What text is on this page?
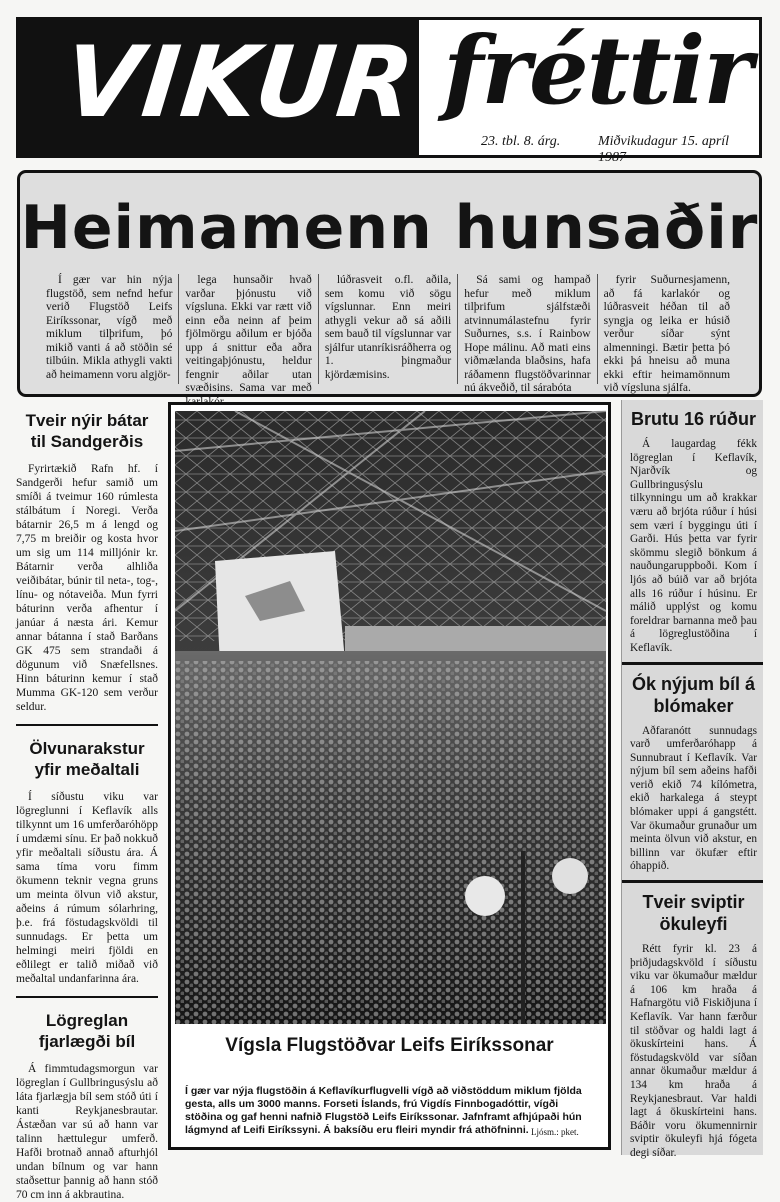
VIKUR fréttir
23. tbl. 8. árg.	Miðvikudagur 15. apríl 1987
Heimamenn hunsaðir

Í gær var hin nýja flugstöð, sem nefnd hefur verið Flugstöð Leifs Eiríkssonar, vígð með miklum tilþrifum, þó mikið vanti á að stöðin sé tilbúin. Mikla athygli vakti að heimamenn voru algjör-

lega hunsaðir hvað varðar þjónustu við vígsluna. Ekki var rætt við einn eða neinn af þeim fjölmörgu aðilum er bjóða upp á snittur eða aðra veitingaþjónustu, heldur fengnir aðilar utan svæðisins. Sama var með

lúðrasveit o.fl. aðila, sem komu við sögu vígslunnar. Enn meiri athygli vekur að sá aðili sem bauð til vígslunnar var sjálfur utanríkisráðherra og 1. þingmaður kjördæmisins.

Sá sami og hampað hefur með miklum tilþrifum sjálfstæði atvinnumálastefnu fyrir Suðurnes, s.s. í Rainbow Hope málinu. Að mati eins viðmælanda blaðsins, hafa ráðamenn flugstöðvarinnar nú ákveðið, til sárabóta

fyrir Suðurnesjamenn, að fá karlakór og lúðrasveit héðan til að syngja og leika er húsið verður síðar sýnt almenningi. Bætir þetta þó ekki þá hneisu að muna ekki eftir heimamönnum við vígsluna sjálfa.

Tveir nýir bátar til Sandgerðis

Fyrirtækið Rafn hf. í Sandgerði hefur samið um smíði á tveimur 160 rúmlesta stálbátum í Noregi. Verða bátarnir 26,5 m á lengd og 7,75 m breiðir og kosta hvor um sig um 114 milljónir kr. Bátarnir verða alhliða veiðibátar, búnir til neta-, tog-, línu- og nótaveiða. Mun fyrri báturinn verða afhentur í janúar á næsta ári. Kemur annar bátanna í stað Barðans GK 475 sem strandaði á dögunum við Snæfellsnes. Hinn báturinn kemur í stað Mumma GK-120 sem verður seldur.

Ölvunarakstur yfir meðaltali

Í síðustu viku var lögreglunni í Keflavík alls tilkynnt um 16 umferðaróhöpp í umdæmi sínu. Er það nokkuð yfir meðaltali síðustu ára. Á sama tíma voru fimm ökumenn teknir vegna gruns um meinta ölvun við akstur, aðeins á rúmum sólarhring, þ.e. frá föstudagskvöldi til sunnudags. Er þetta um helmingi meiri fjöldi en eðlilegt er talið miðað við meðaltal undanfarinna ára.

Lögreglan fjarlægði bíl

Á fimmtudagsmorgun var lögreglan í Gullbringusýslu að láta fjarlægja bíl sem stóð úti í kanti Reykjanesbrautar. Ástæðan var sú að hann var talinn hættulegur umferð. Hafði brotnað annað afturhjól undan bílnum og var hann staðsettur þannig að hann stóð 70 cm inn á akbrautina.

Vígsla Flugstöðvar Leifs Eiríkssonar
Í gær var nýja flugstöðin á Keflavíkurflugvelli vígð að viðstöddum miklum fjölda gesta, alls um 3000 manns. Forseti Íslands, frú Vigdís Finnbogadóttir, vígði stöðina og gaf henni nafnið Flugstöð Leifs Eiríkssonar. Jafnframt afhjúpaði hún lágmynd af Leifi Eiríkssyni. Á baksíðu eru fleiri myndir frá athöfninni. Ljósm.: pket.
Brutu 16 rúður

Á laugardag fékk lögreglan í Keflavík, Njarðvík og Gullbringusýslu tilkynningu um að krakkar væru að brjóta rúður í húsi sem væri í byggingu úti í Garði. Hús þetta var fyrir skömmu slegið bönkum á nauðungaruppboði. Kom í ljós að búið var að brjóta alls 16 rúður í húsinu. Er málið upplýst og komu foreldrar barnanna með þau á lögreglustöðina í Keflavík.

Ók nýjum bíl á blómaker

Aðfaranótt sunnudags varð umferðaróhapp á Sunnubraut í Keflavík. Var nýjum bíl sem aðeins hafði verið ekið 74 kílómetra, ekið harkalega á steypt blómaker uppi á gangstétt. Var ökumaður grunaður um meinta ölvun við akstur, en billinn var ökufær eftir óhappið.

Tveir sviptir ökuleyfi

Rétt fyrir kl. 23 á þriðjudagskvöld í síðustu viku var ökumaður mældur á 106 km hraða á Hafnargötu við Fiskiðjuna í Keflavík. Var hann færður til stöðvar og haldi lagt á ökuskírteini hans. Á föstudagskvöld var síðan annar ökumaður mældur á 134 km hraða á Reykjanesbraut. Var haldi lagt á ökuskírteini hans. Báðir voru ökumennirnir sviptir ökuleyfi hjá fógeta degi síðar.
